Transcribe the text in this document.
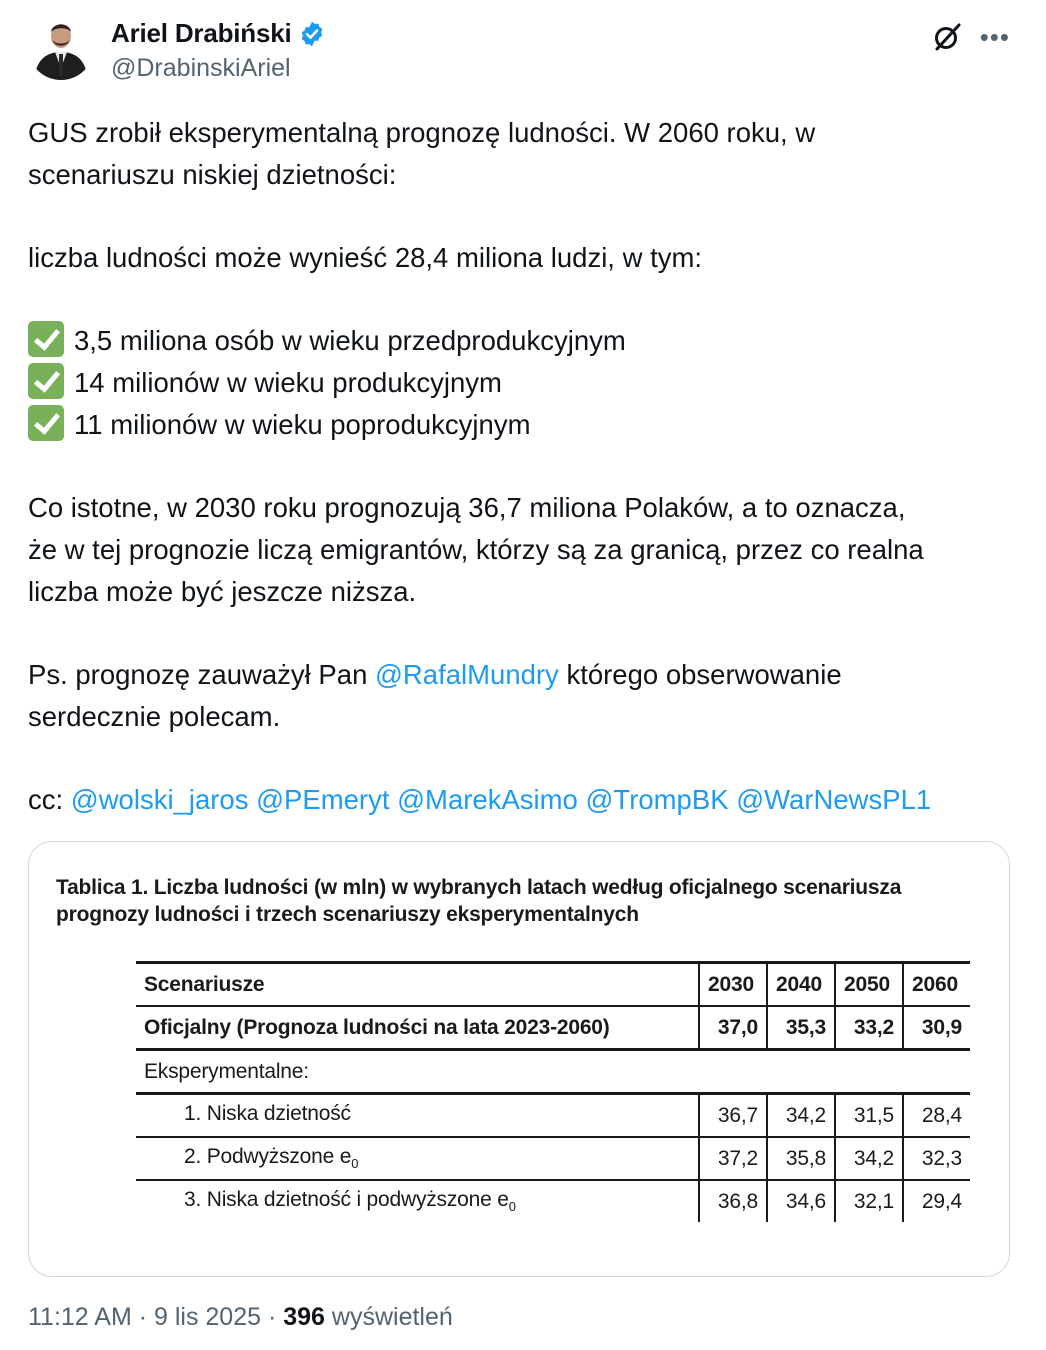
Ariel Drabiński
@DrabinskiAriel
•••

GUS zrobił eksperymentalną prognozę ludności. W 2060 roku, w

scenariuszu niskiej dzietności:

liczba ludności może wynieść 28,4 miliona ludzi, w tym:

3,5 miliona osób w wieku przedprodukcyjnym

14 milionów w wieku produkcyjnym

11 milionów w wieku poprodukcyjnym

Co istotne, w 2030 roku prognozują 36,7 miliona Polaków, a to oznacza,

że w tej prognozie liczą emigrantów, którzy są za granicą, przez co realna

liczba może być jeszcze niższa.

Ps. prognozę zauważył Pan @RafalMundry którego obserwowanie

serdecznie polecam.

cc: @wolski_jaros @PEmeryt @MarekAsimo @TrompBK @WarNewsPL1

Tablica 1. Liczba ludności (w mln) w wybranych latach według oficjalnego scenariusza
prognozy ludności i trzech scenariuszy eksperymentalnych
Scenariusze	2030	2040	2050	2060
Oficjalny (Prognoza ludności na lata 2023-2060)	37,0	35,3	33,2	30,9
Eksperymentalne:				
1. Niska dzietność	36,7	34,2	31,5	28,4
2. Podwyższone $e_0$	37,2	35,8	34,2	32,3
3. Niska dzietność i podwyższone $e_0$	36,8	34,6	32,1	29,4
11:12 AM · 9 lis 2025 · 396 wyświetleń
